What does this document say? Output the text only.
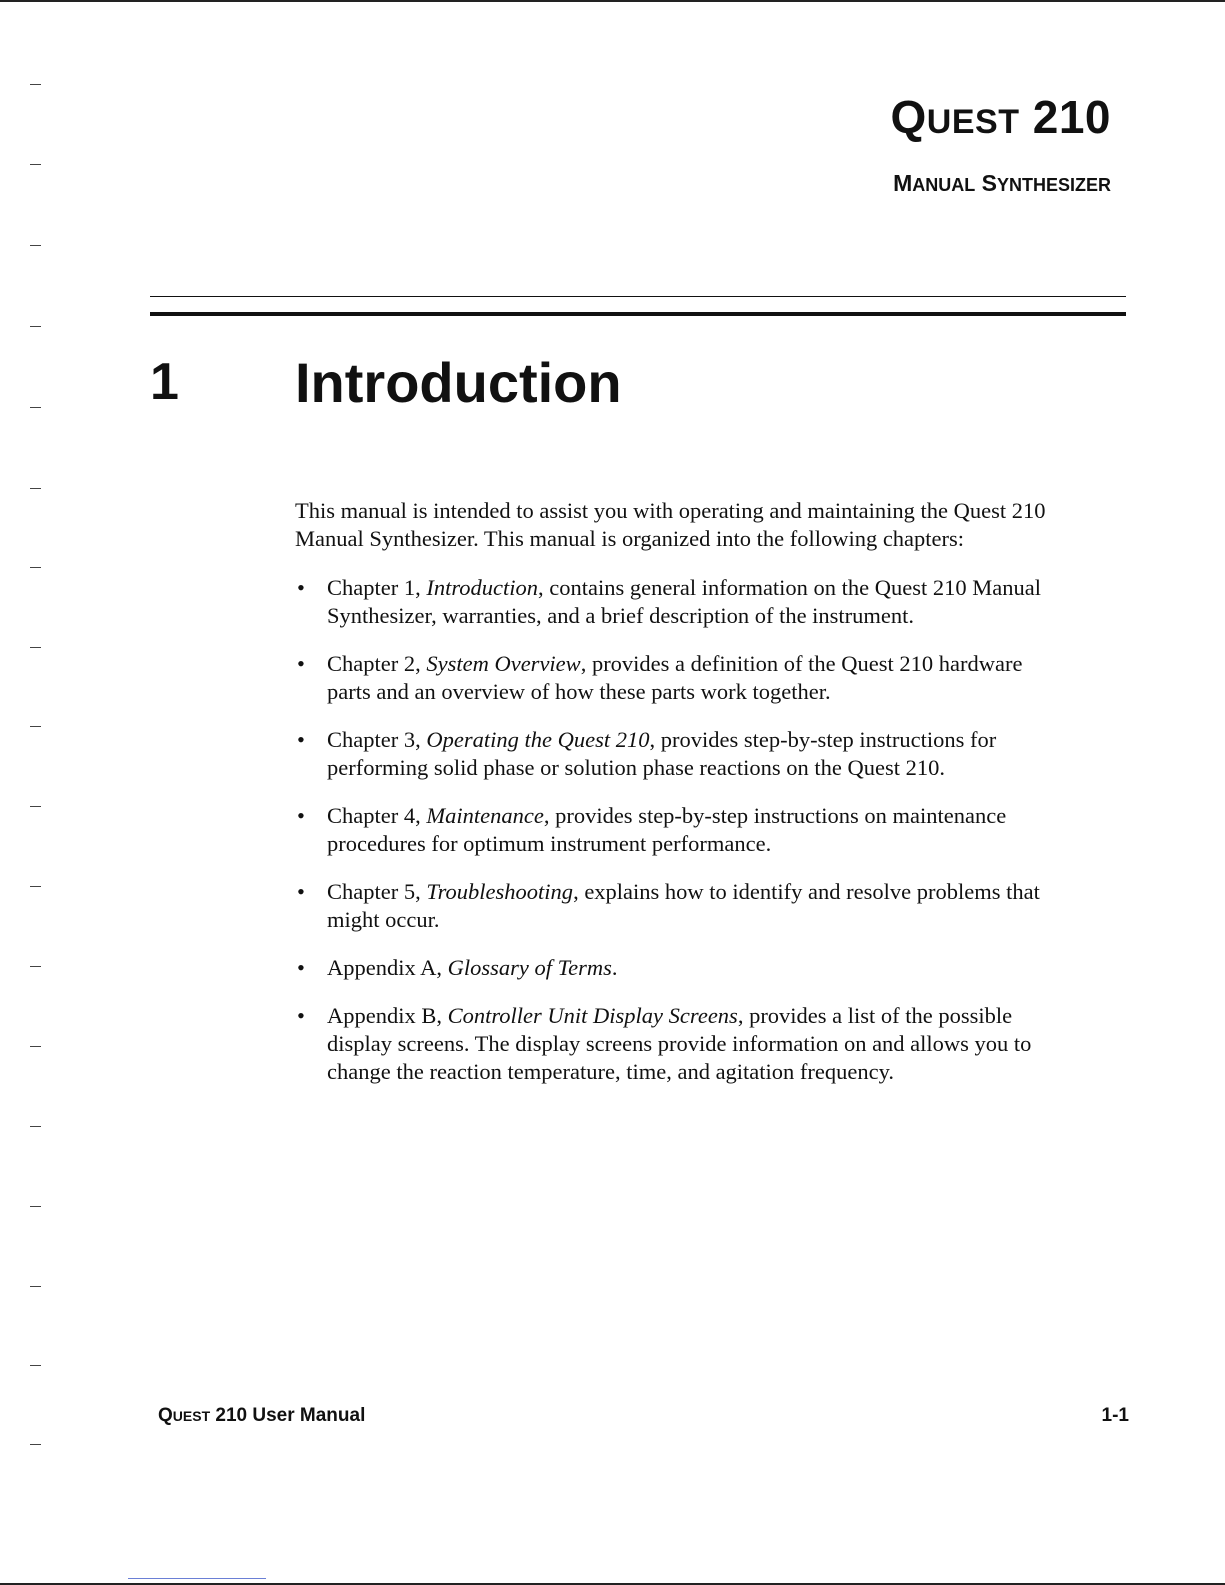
QUEST 210
MANUAL SYNTHESIZER
1 Introduction

This manual is intended to assist you with operating and maintaining the Quest 210 Manual Synthesizer. This manual is organized into the following chapters:

• Chapter 1, Introduction, contains general information on the Quest 210 Manual Synthesizer, warranties, and a brief description of the instrument.
• Chapter 2, System Overview, provides a definition of the Quest 210 hardware parts and an overview of how these parts work together.
• Chapter 3, Operating the Quest 210, provides step-by-step instructions for performing solid phase or solution phase reactions on the Quest 210.
• Chapter 4, Maintenance, provides step-by-step instructions on maintenance procedures for optimum instrument performance.
• Chapter 5, Troubleshooting, explains how to identify and resolve problems that might occur.
• Appendix A, Glossary of Terms.
• Appendix B, Controller Unit Display Screens, provides a list of the possible display screens. The display screens provide information on and allows you to change the reaction temperature, time, and agitation frequency.
QUEST 210 User Manual	1-1
